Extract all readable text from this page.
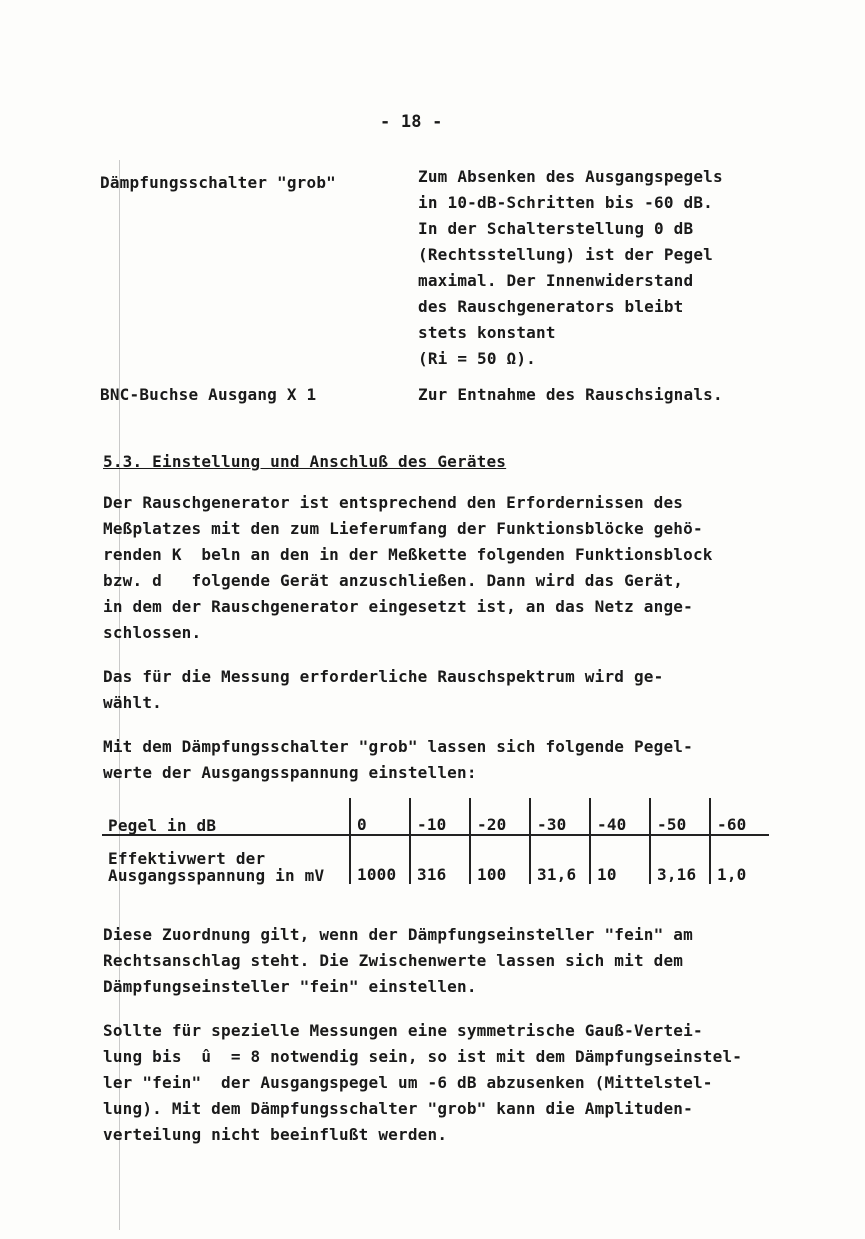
- 18 -
Dämpfungsschalter "grob"	Zum Absenken des Ausgangspegels
in 10-dB-Schritten bis -60 dB.
In der Schalterstellung 0 dB
(Rechtsstellung) ist der Pegel
maximal. Der Innenwiderstand
des Rauschgenerators bleibt
stets konstant
(Ri = 50 Ω).
BNC-Buchse Ausgang X 1	Zur Entnahme des Rauschsignals.
5.3. Einstellung und Anschluß des Gerätes
Der Rauschgenerator ist entsprechend den Erfordernissen des
Meßplatzes mit den zum Lieferumfang der Funktionsblöcke gehö-
renden K  beln an den in der Meßkette folgenden Funktionsblock
bzw. d   folgende Gerät anzuschließen. Dann wird das Gerät,
in dem der Rauschgenerator eingesetzt ist, an das Netz ange-
schlossen.
Das für die Messung erforderliche Rauschspektrum wird ge-
wählt.
Mit dem Dämpfungsschalter "grob" lassen sich folgende Pegel-
werte der Ausgangsspannung einstellen:
Pegel in dB	0	-10	-20	-30	-40	-50	-60
Effektivwert der
Ausgangsspannung in mV	1000	316	100	31,6	10	3,16	1,0
Diese Zuordnung gilt, wenn der Dämpfungseinsteller "fein" am
Rechtsanschlag steht. Die Zwischenwerte lassen sich mit dem
Dämpfungseinsteller "fein" einstellen.
Sollte für spezielle Messungen eine symmetrische Gauß-Vertei-
lung bis  û  = 8 notwendig sein, so ist mit dem Dämpfungseinstel-
ler "fein"  der Ausgangspegel um -6 dB abzusenken (Mittelstel-
lung). Mit dem Dämpfungsschalter "grob" kann die Amplituden-
verteilung nicht beeinflußt werden.
